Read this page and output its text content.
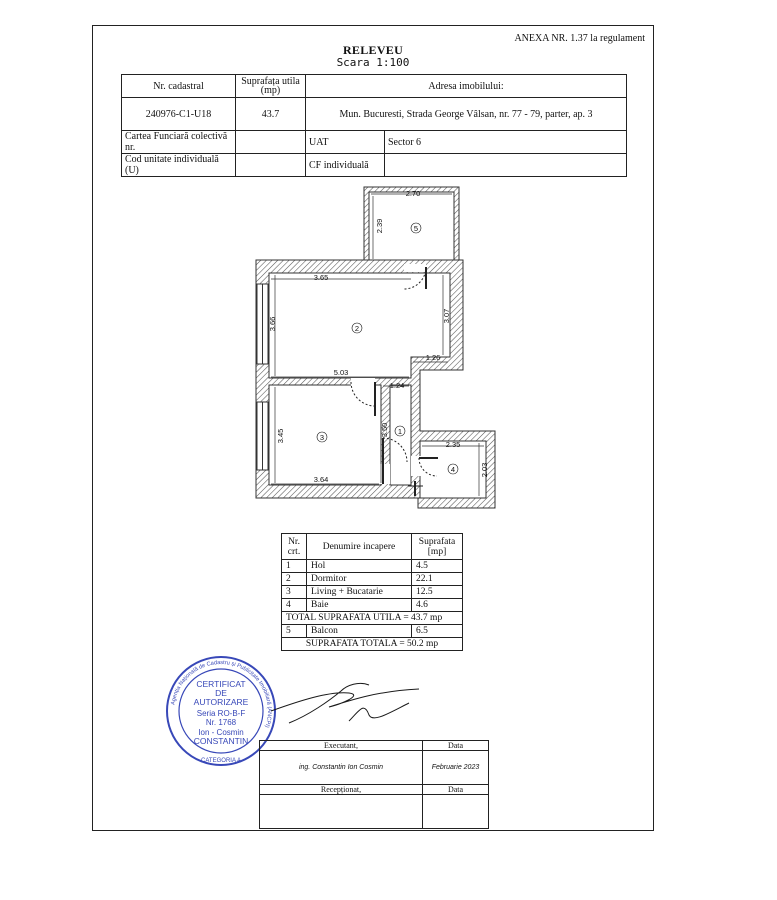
ANEXA NR. 1.37 la regulament
RELEVEU
Scara 1:100
Nr. cadastral	Suprafața utila (mp)	Adresa imobilului:	
240976-C1-U18	43.7	Mun. Bucuresti, Strada George Vâlsan, nr. 77 - 79, parter, ap. 3	
Cartea Funciară colectivă nr.		UAT	Sector 6
Cod unitate individuală (U)		CF individuală	
2.70
2.39
3.65
3.66
3.07
1.26
5.03
1.24
3.45	3.50
2.35
2.03
3.64
5
2
3
1
4
Nr. crt.	Denumire incapere	Suprafata [mp]
1	Hol	4.5
2	Dormitor	22.1
3	Living + Bucatarie	12.5
4	Baie	4.6
TOTAL SUPRAFATA UTILA = 43.7 mp		
5	Balcon	6.5
SUPRAFATA TOTALA = 50.2 mp		
Agenția Națională de Cadastru și Publicitate Imobiliară (ANCPI)
CERTIFICAT
DE
AUTORIZARE
Seria RO-B-F
Nr. 1768
Ion - Cosmin
CONSTANTIN
CATEGORIA A
Executant,	Data
ing. Constantin Ion Cosmin	Februarie 2023
Recepționat,	Data
